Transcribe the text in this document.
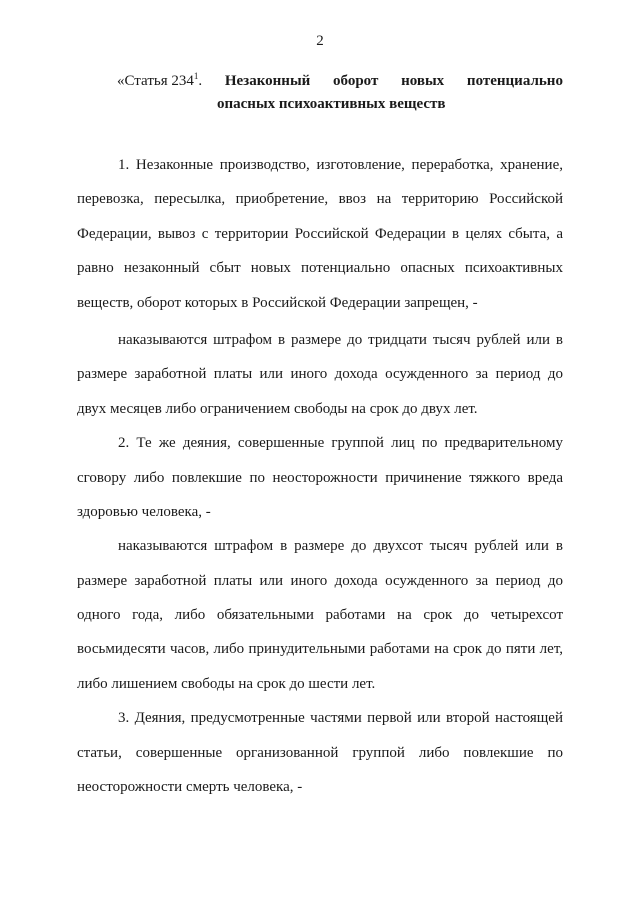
2
«Статья $234^1$. Незаконный оборот новых потенциально
опасных психоактивных веществ
1. Незаконные производство, изготовление, переработка, хранение,
перевозка, пересылка, приобретение, ввоз на территорию Российской
Федерации, вывоз с территории Российской Федерации в целях сбыта, а
равно незаконный сбыт новых потенциально опасных психоактивных
веществ, оборот которых в Российской Федерации запрещен, -
наказываются штрафом в размере до тридцати тысяч рублей или в
размере заработной платы или иного дохода осужденного за период до
двух месяцев либо ограничением свободы на срок до двух лет.
2. Те же деяния, совершенные группой лиц по предварительному
сговору либо повлекшие по неосторожности причинение тяжкого вреда
здоровью человека, -
наказываются штрафом в размере до двухсот тысяч рублей или в
размере заработной платы или иного дохода осужденного за период до
одного года, либо обязательными работами на срок до четырехсот
восьмидесяти часов, либо принудительными работами на срок до пяти лет,
либо лишением свободы на срок до шести лет.
3. Деяния, предусмотренные частями первой или второй настоящей
статьи, совершенные организованной группой либо повлекшие по
неосторожности смерть человека, -
